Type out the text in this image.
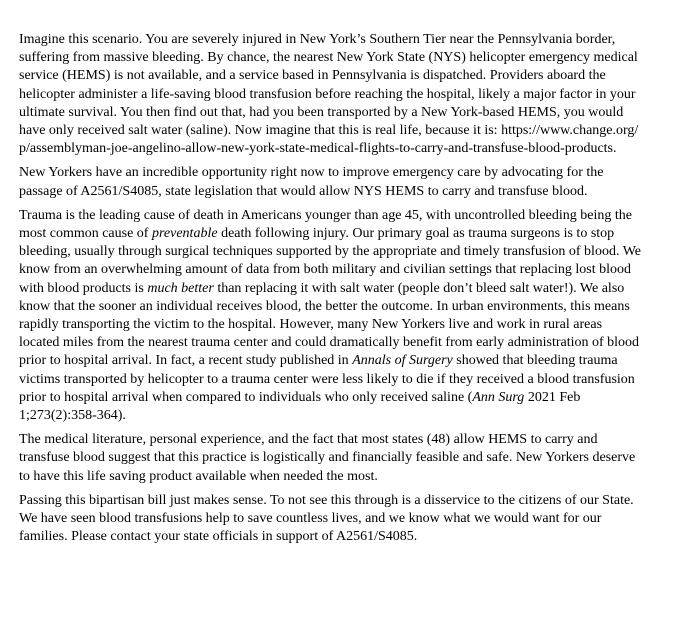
Imagine this scenario. You are severely injured in New York’s Southern Tier near the Pennsylvania border, suffering from massive bleeding. By chance, the nearest New York State (NYS) helicopter emergency medical service (HEMS) is not available, and a service based in Pennsylvania is dispatched. Providers aboard the helicopter administer a life-saving blood transfusion before reaching the hospital, likely a major factor in your ultimate survival. You then find out that, had you been transported by a New York-based HEMS, you would have only received salt water (saline). Now imagine that this is real life, because it is: https://www.change.org/p/assemblyman-joe-angelino-allow-new-york-state-medical-flights-to-carry-and-transfuse-blood-products.

New Yorkers have an incredible opportunity right now to improve emergency care by advocating for the passage of A2561/S4085, state legislation that would allow NYS HEMS to carry and transfuse blood.

Trauma is the leading cause of death in Americans younger than age 45, with uncontrolled bleeding being the most common cause of preventable death following injury. Our primary goal as trauma surgeons is to stop bleeding, usually through surgical techniques supported by the appropriate and timely transfusion of blood. We know from an overwhelming amount of data from both military and civilian settings that replacing lost blood with blood products is much better than replacing it with salt water (people don’t bleed salt water!). We also know that the sooner an individual receives blood, the better the outcome. In urban environments, this means rapidly transporting the victim to the hospital. However, many New Yorkers live and work in rural areas located miles from the nearest trauma center and could dramatically benefit from early administration of blood prior to hospital arrival. In fact, a recent study published in Annals of Surgery showed that bleeding trauma victims transported by helicopter to a trauma center were less likely to die if they received a blood transfusion prior to hospital arrival when compared to individuals who only received saline (Ann Surg 2021 Feb 1;273(2):358-364).

The medical literature, personal experience, and the fact that most states (48) allow HEMS to carry and transfuse blood suggest that this practice is logistically and financially feasible and safe. New Yorkers deserve to have this life saving product available when needed the most.

Passing this bipartisan bill just makes sense. To not see this through is a disservice to the citizens of our State. We have seen blood transfusions help to save countless lives, and we know what we would want for our families. Please contact your state officials in support of A2561/S4085.
